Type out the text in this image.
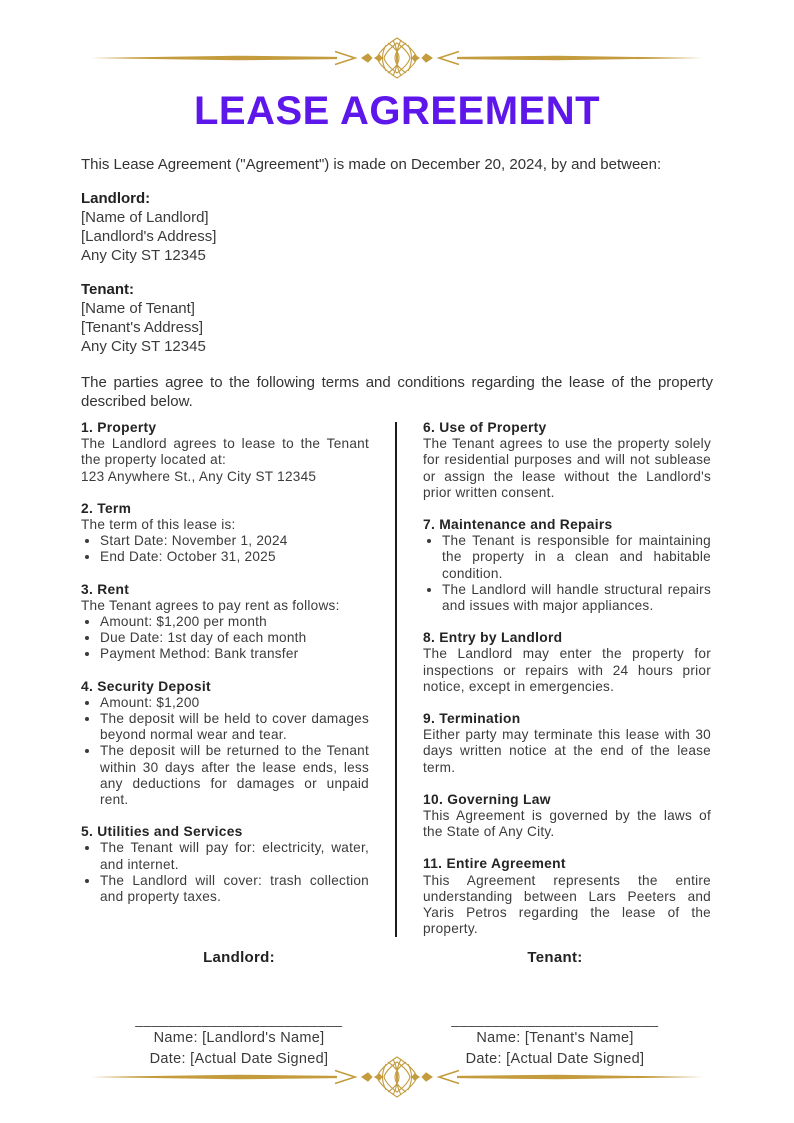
LEASE AGREEMENT

This Lease Agreement ("Agreement") is made on December 20, 2024, by and between:

Landlord:
[Name of Landlord]
[Landlord's Address]
Any City ST 12345
Tenant:
[Name of Tenant]
[Tenant's Address]
Any City ST 12345

The parties agree to the following terms and conditions regarding the lease of the property described below.

1. Property

The Landlord agrees to lease to the Tenant the property located at:

123 Anywhere St., Any City ST 12345

2. Term

The term of this lease is:

• Start Date: November 1, 2024
• End Date: October 31, 2025
3. Rent

The Tenant agrees to pay rent as follows:

• Amount: $1,200 per month
• Due Date: 1st day of each month
• Payment Method: Bank transfer
4. Security Deposit
• Amount: $1,200
• The deposit will be held to cover damages beyond normal wear and tear.
• The deposit will be returned to the Tenant within 30 days after the lease ends, less any deductions for damages or unpaid rent.
5. Utilities and Services
• The Tenant will pay for: electricity, water, and internet.
• The Landlord will cover: trash collection and property taxes.
6. Use of Property

The Tenant agrees to use the property solely for residential purposes and will not sublease or assign the lease without the Landlord's prior written consent.

7. Maintenance and Repairs
• The Tenant is responsible for maintaining the property in a clean and habitable condition.
• The Landlord will handle structural repairs and issues with major appliances.
8. Entry by Landlord

The Landlord may enter the property for inspections or repairs with 24 hours prior notice, except in emergencies.

9. Termination

Either party may terminate this lease with 30 days written notice at the end of the lease term.

10. Governing Law

This Agreement is governed by the laws of the State of Any City.

11. Entire Agreement

This Agreement represents the entire understanding between Lars Peeters and Yaris Petros regarding the lease of the property.

Landlord:
_________________________
Name: [Landlord's Name]
Date: [Actual Date Signed]
Tenant:
_________________________
Name: [Tenant's Name]
Date: [Actual Date Signed]
